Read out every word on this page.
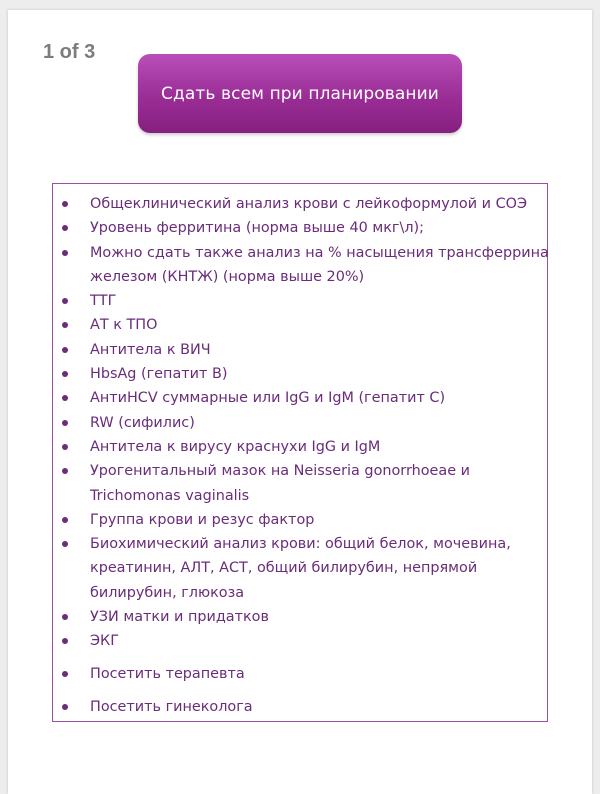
1 of 3
Сдать всем при планировании
Общеклинический анализ крови с лейкоформулой и СОЭ
Уровень ферритина (норма выше 40 мкг\л);
Можно сдать также анализ на % насыщения трансферрина
железом (КНТЖ) (норма выше 20%)
ТТГ
АТ к ТПО
Антитела к ВИЧ
HbsAg (гепатит В)
АнтиHCV суммарные или IgG и IgM (гепатит С)
RW (сифилис)
Антитела к вирусу краснухи IgG и IgM
Урогенитальный мазок на Neisseria gonorrhoeae и
Trichomonas vaginalis
Группа крови и резус фактор
Биохимический анализ крови: общий белок, мочевина,
креатинин, АЛТ, АСТ, общий билирубин, непрямой
билирубин, глюкоза
УЗИ матки и придатков
ЭКГ
Посетить терапевта
Посетить гинеколога
